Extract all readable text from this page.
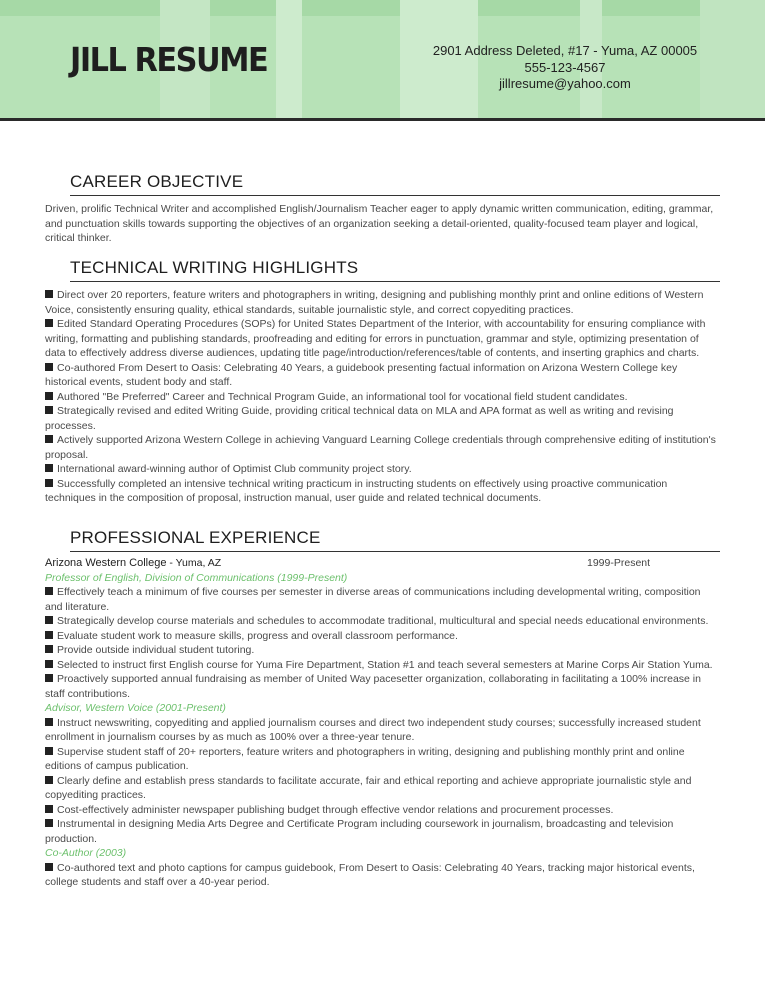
JILL RESUME	2901 Address Deleted, #17 - Yuma, AZ 00005
555-123-4567
jillresume@yahoo.com
CAREER OBJECTIVE

Driven, prolific Technical Writer and accomplished English/Journalism Teacher eager to apply dynamic written communication, editing, grammar, and punctuation skills towards supporting the objectives of an organization seeking a detail-oriented, quality-focused team player and logical, critical thinker.

TECHNICAL WRITING HIGHLIGHTS

Direct over 20 reporters, feature writers and photographers in writing, designing and publishing monthly print and online editions of Western Voice, consistently ensuring quality, ethical standards, suitable journalistic style, and correct copyediting practices.

Edited Standard Operating Procedures (SOPs) for United States Department of the Interior, with accountability for ensuring compliance with writing, formatting and publishing standards, proofreading and editing for errors in punctuation, grammar and style, optimizing presentation of data to effectively address diverse audiences, updating title page/introduction/references/table of contents, and inserting graphics and charts.

Co-authored From Desert to Oasis: Celebrating 40 Years, a guidebook presenting factual information on Arizona Western College key historical events, student body and staff.

Authored "Be Preferred" Career and Technical Program Guide, an informational tool for vocational field student candidates.

Strategically revised and edited Writing Guide, providing critical technical data on MLA and APA format as well as writing and revising processes.

Actively supported Arizona Western College in achieving Vanguard Learning College credentials through comprehensive editing of institution's proposal.

International award-winning author of Optimist Club community project story.

Successfully completed an intensive technical writing practicum in instructing students on effectively using proactive communication techniques in the composition of proposal, instruction manual, user guide and related technical documents.

PROFESSIONAL EXPERIENCE
Arizona Western College - Yuma, AZ	1999-Present

Professor of English, Division of Communications (1999-Present)

Effectively teach a minimum of five courses per semester in diverse areas of communications including developmental writing, composition and literature.

Strategically develop course materials and schedules to accommodate traditional, multicultural and special needs educational environments.

Evaluate student work to measure skills, progress and overall classroom performance.

Provide outside individual student tutoring.

Selected to instruct first English course for Yuma Fire Department, Station #1 and teach several semesters at Marine Corps Air Station Yuma.

Proactively supported annual fundraising as member of United Way pacesetter organization, collaborating in facilitating a 100% increase in staff contributions.

Advisor, Western Voice (2001-Present)

Instruct newswriting, copyediting and applied journalism courses and direct two independent study courses; successfully increased student enrollment in journalism courses by as much as 100% over a three-year tenure.

Supervise student staff of 20+ reporters, feature writers and photographers in writing, designing and publishing monthly print and online editions of campus publication.

Clearly define and establish press standards to facilitate accurate, fair and ethical reporting and achieve appropriate journalistic style and copyediting practices.

Cost-effectively administer newspaper publishing budget through effective vendor relations and procurement processes.

Instrumental in designing Media Arts Degree and Certificate Program including coursework in journalism, broadcasting and television production.

Co-Author (2003)

Co-authored text and photo captions for campus guidebook, From Desert to Oasis: Celebrating 40 Years, tracking major historical events, college students and staff over a 40-year period.
